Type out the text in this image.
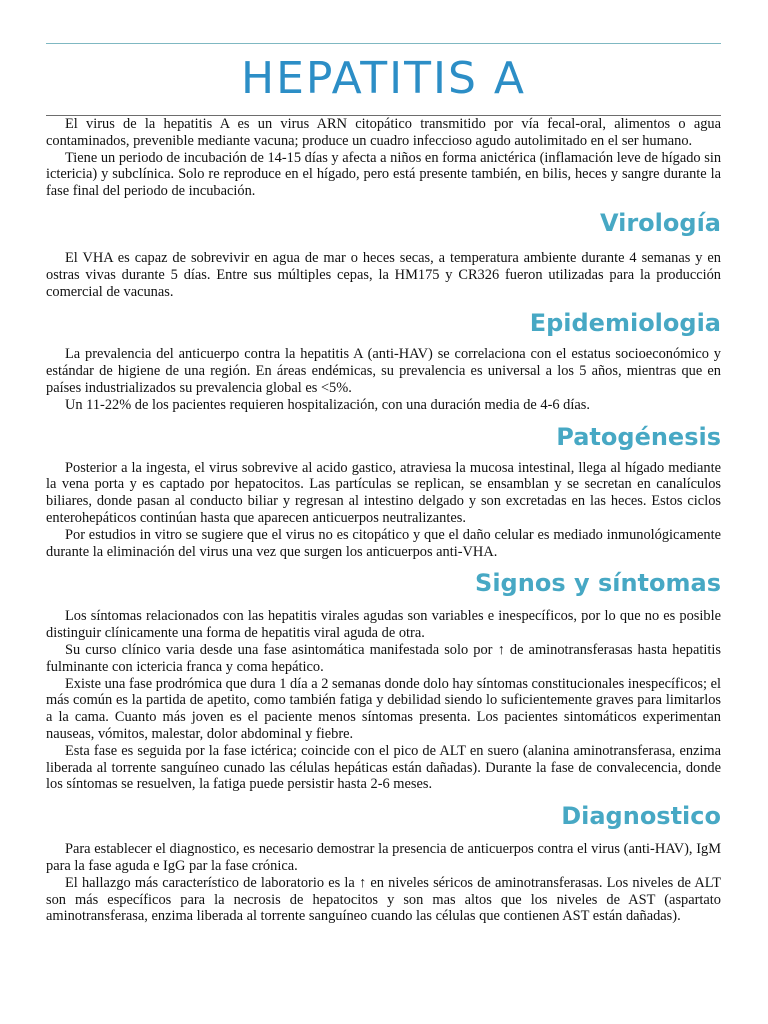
HEPATITIS A

El virus de la hepatitis A es un virus ARN citopático transmitido por vía fecal-oral, alimentos o agua contaminados, prevenible mediante vacuna; produce un cuadro infeccioso agudo autolimitado en el ser humano.

Tiene un periodo de incubación de 14-15 días y afecta a niños en forma anictérica (inflamación leve de hígado sin ictericia) y subclínica. Solo re reproduce en el hígado, pero está presente también, en bilis, heces y sangre durante la fase final del periodo de incubación.

Virología

El VHA es capaz de sobrevivir en agua de mar o heces secas, a temperatura ambiente durante 4 semanas y en ostras vivas durante 5 días. Entre sus múltiples cepas, la HM175 y CR326 fueron utilizadas para la producción comercial de vacunas.

Epidemiologia

La prevalencia del anticuerpo contra la hepatitis A (anti-HAV) se correlaciona con el estatus socioeconómico y estándar de higiene de una región. En áreas endémicas, su prevalencia es universal a los 5 años, mientras que en países industrializados su prevalencia global es <5%.

Un 11-22% de los pacientes requieren hospitalización, con una duración media de 4-6 días.

Patogénesis

Posterior a la ingesta, el virus sobrevive al acido gastico, atraviesa la mucosa intestinal, llega al hígado mediante la vena porta y es captado por hepatocitos. Las partículas se replican, se ensamblan y se secretan en canalículos biliares, donde pasan al conducto biliar y regresan al intestino delgado y son excretadas en las heces. Estos ciclos enterohepáticos continúan hasta que aparecen anticuerpos neutralizantes.

Por estudios in vitro se sugiere que el virus no es citopático y que el daño celular es mediado inmunológicamente durante la eliminación del virus una vez que surgen los anticuerpos anti-VHA.

Signos y síntomas

Los síntomas relacionados con las hepatitis virales agudas son variables e inespecíficos, por lo que no es posible distinguir clínicamente una forma de hepatitis viral aguda de otra.

Su curso clínico varia desde una fase asintomática manifestada solo por ↑ de aminotransferasas hasta hepatitis fulminante con ictericia franca y coma hepático.

Existe una fase prodrómica que dura 1 día a 2 semanas donde dolo hay síntomas constitucionales inespecíficos; el más común es la partida de apetito, como también fatiga y debilidad siendo lo suficientemente graves para limitarlos a la cama. Cuanto más joven es el paciente menos síntomas presenta. Los pacientes sintomáticos experimentan nauseas, vómitos, malestar, dolor abdominal y fiebre.

Esta fase es seguida por la fase ictérica; coincide con el pico de ALT en suero (alanina aminotransferasa, enzima liberada al torrente sanguíneo cunado las células hepáticas están dañadas). Durante la fase de convalecencia, donde los síntomas se resuelven, la fatiga puede persistir hasta 2-6 meses.

Diagnostico

Para establecer el diagnostico, es necesario demostrar la presencia de anticuerpos contra el virus (anti-HAV), IgM para la fase aguda e IgG par la fase crónica.

El hallazgo más característico de laboratorio es la ↑ en niveles séricos de aminotransferasas. Los niveles de ALT son más específicos para la necrosis de hepatocitos y son mas altos que los niveles de AST (aspartato aminotransferasa, enzima liberada al torrente sanguíneo cuando las células que contienen AST están dañadas).
